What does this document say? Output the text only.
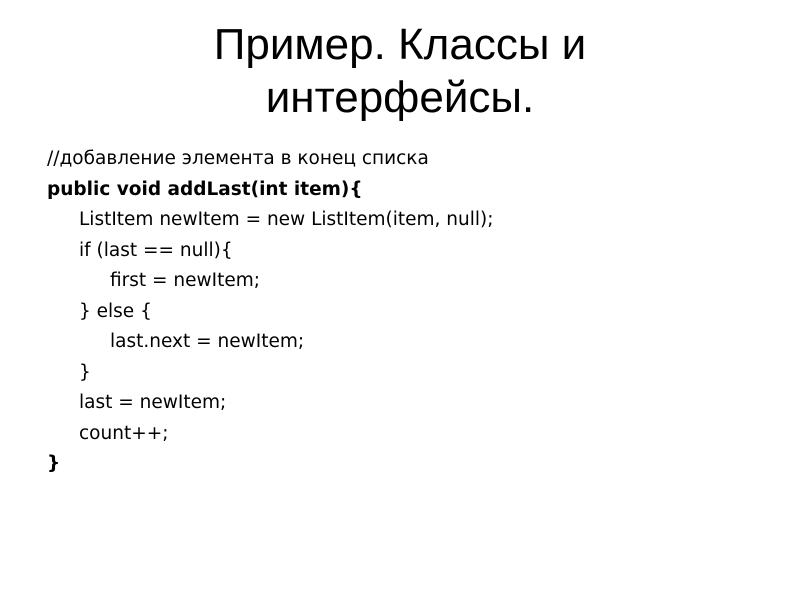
Пример. Классы и
интерфейсы.
//добавление элемента в конец списка
public void addLast(int item){
ListItem newItem = new ListItem(item, null);
if (last == null){
first = newItem;
} else {
last.next = newItem;
}
last = newItem;
count++;
}
